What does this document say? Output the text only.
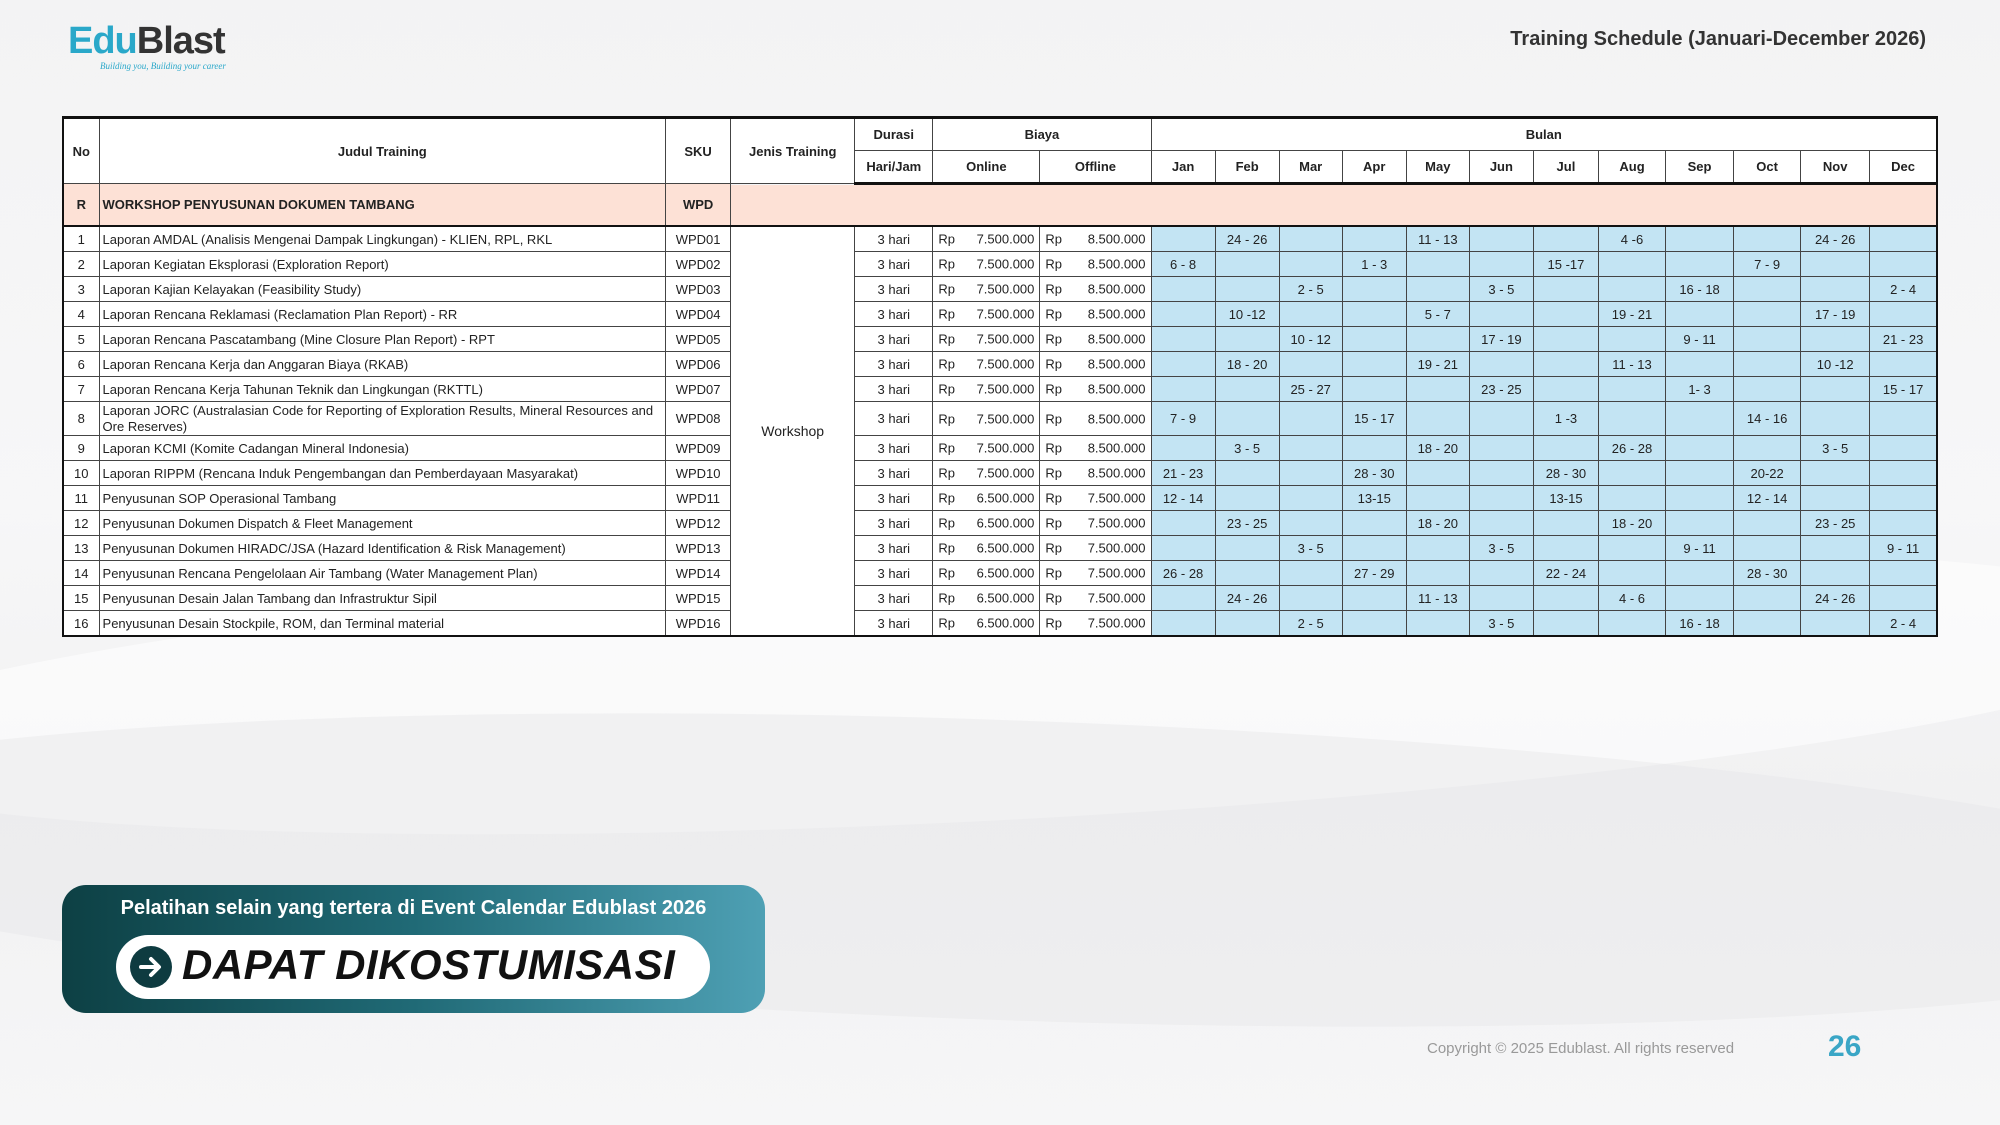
EduBlast
Building you, Building your career
Training Schedule (Januari-December 2026)
No	Judul Training	SKU	Jenis Training	Durasi	Biaya		Bulan											
				Hari/Jam	Online	Offline	Jan	Feb	Mar	Apr	May	Jun	Jul	Aug	Sep	Oct	Nov	Dec
R	WORKSHOP PENYUSUNAN DOKUMEN TAMBANG	WPD																
1	Laporan AMDAL (Analisis Mengenai Dampak Lingkungan) - KLIEN, RPL, RKL	WPD01	Workshop	3 hari	Rp 7.500.000	Rp 8.500.000		24 - 26			11 - 13			4 -6			24 - 26	
2	Laporan Kegiatan Eksplorasi (Exploration Report)	WPD02		3 hari	Rp 7.500.000	Rp 8.500.000	6 - 8			1 - 3			15 -17			7 - 9		
3	Laporan Kajian Kelayakan (Feasibility Study)	WPD03		3 hari	Rp 7.500.000	Rp 8.500.000			2 - 5			3 - 5			16 - 18			2 - 4
4	Laporan Rencana Reklamasi (Reclamation Plan Report) - RR	WPD04		3 hari	Rp 7.500.000	Rp 8.500.000		10 -12			5 - 7			19 - 21			17 - 19	
5	Laporan Rencana Pascatambang (Mine Closure Plan Report) - RPT	WPD05		3 hari	Rp 7.500.000	Rp 8.500.000			10 - 12			17 - 19			9 - 11			21 - 23
6	Laporan Rencana Kerja dan Anggaran Biaya (RKAB)	WPD06		3 hari	Rp 7.500.000	Rp 8.500.000		18 - 20			19 - 21			11 - 13			10 -12	
7	Laporan Rencana Kerja Tahunan Teknik dan Lingkungan (RKTTL)	WPD07		3 hari	Rp 7.500.000	Rp 8.500.000			25 - 27			23 - 25			1- 3			15 - 17
8	Laporan JORC (Australasian Code for Reporting of Exploration Results, Mineral Resources and Ore Reserves)	WPD08		3 hari	Rp 7.500.000	Rp 8.500.000	7 - 9			15 - 17			1 -3			14 - 16		
9	Laporan KCMI (Komite Cadangan Mineral Indonesia)	WPD09		3 hari	Rp 7.500.000	Rp 8.500.000		3 - 5			18 - 20			26 - 28			3 - 5	
10	Laporan RIPPM (Rencana Induk Pengembangan dan Pemberdayaan Masyarakat)	WPD10		3 hari	Rp 7.500.000	Rp 8.500.000	21 - 23			28 - 30			28 - 30			20-22		
11	Penyusunan SOP Operasional Tambang	WPD11		3 hari	Rp 6.500.000	Rp 7.500.000	12 - 14			13-15			13-15			12 - 14		
12	Penyusunan Dokumen Dispatch & Fleet Management	WPD12		3 hari	Rp 6.500.000	Rp 7.500.000		23 - 25			18 - 20			18 - 20			23 - 25	
13	Penyusunan Dokumen HIRADC/JSA (Hazard Identification & Risk Management)	WPD13		3 hari	Rp 6.500.000	Rp 7.500.000			3 - 5			3 - 5			9 - 11			9 - 11
14	Penyusunan Rencana Pengelolaan Air Tambang (Water Management Plan)	WPD14		3 hari	Rp 6.500.000	Rp 7.500.000	26 - 28			27 - 29			22 - 24			28 - 30		
15	Penyusunan Desain Jalan Tambang dan Infrastruktur Sipil	WPD15		3 hari	Rp 6.500.000	Rp 7.500.000		24 - 26			11 - 13			4 - 6			24 - 26	
16	Penyusunan Desain Stockpile, ROM, dan Terminal material	WPD16		3 hari	Rp 6.500.000	Rp 7.500.000			2 - 5			3 - 5			16 - 18			2 - 4
Pelatihan selain yang tertera di Event Calendar Edublast 2026
DAPAT DIKOSTUMISASI
Copyright © 2025 Edublast. All rights reserved	26
